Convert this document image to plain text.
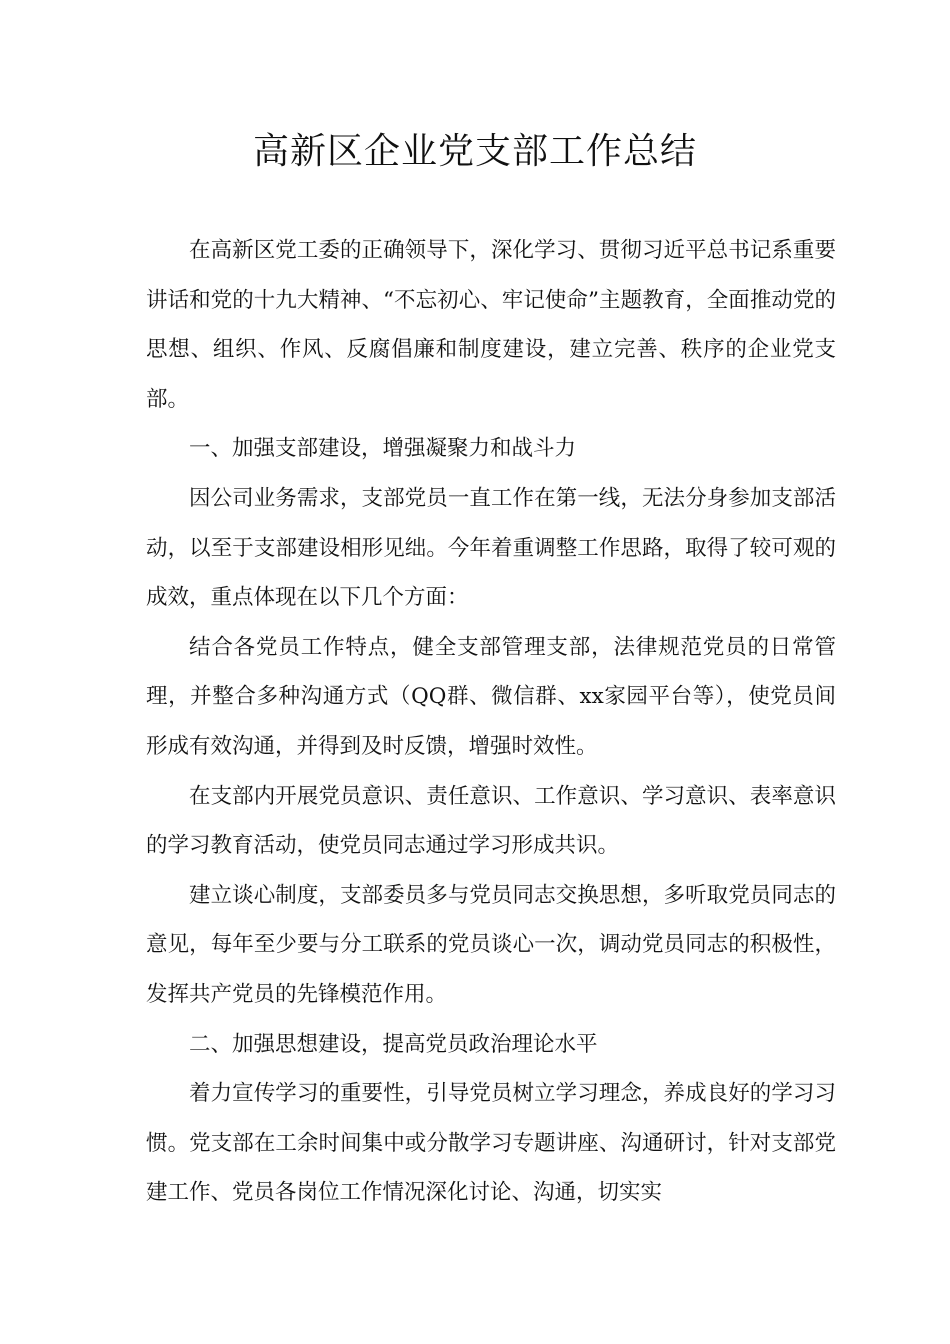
高新区企业党支部工作总结

在高新区党工委的正确领导下，深化学习、贯彻习近平总书记系重要讲话和党的十九大精神、“不忘初心、牢记使命”主题教育，全面推动党的思想、组织、作风、反腐倡廉和制度建设，建立完善、秩序的企业党支部。

一、加强支部建设，增强凝聚力和战斗力

因公司业务需求，支部党员一直工作在第一线，无法分身参加支部活动，以至于支部建设相形见绌。今年着重调整工作思路，取得了较可观的成效，重点体现在以下几个方面：

结合各党员工作特点，健全支部管理支部，法律规范党员的日常管理，并整合多种沟通方式（QQ群、微信群、xx家园平台等），使党员间形成有效沟通，并得到及时反馈，增强时效性。

在支部内开展党员意识、责任意识、工作意识、学习意识、表率意识的学习教育活动，使党员同志通过学习形成共识。

建立谈心制度，支部委员多与党员同志交换思想，多听取党员同志的意见，每年至少要与分工联系的党员谈心一次，调动党员同志的积极性，发挥共产党员的先锋模范作用。

二、加强思想建设，提高党员政治理论水平

着力宣传学习的重要性，引导党员树立学习理念，养成良好的学习习惯。党支部在工余时间集中或分散学习专题讲座、沟通研讨，针对支部党建工作、党员各岗位工作情况深化讨论、沟通，切实实
